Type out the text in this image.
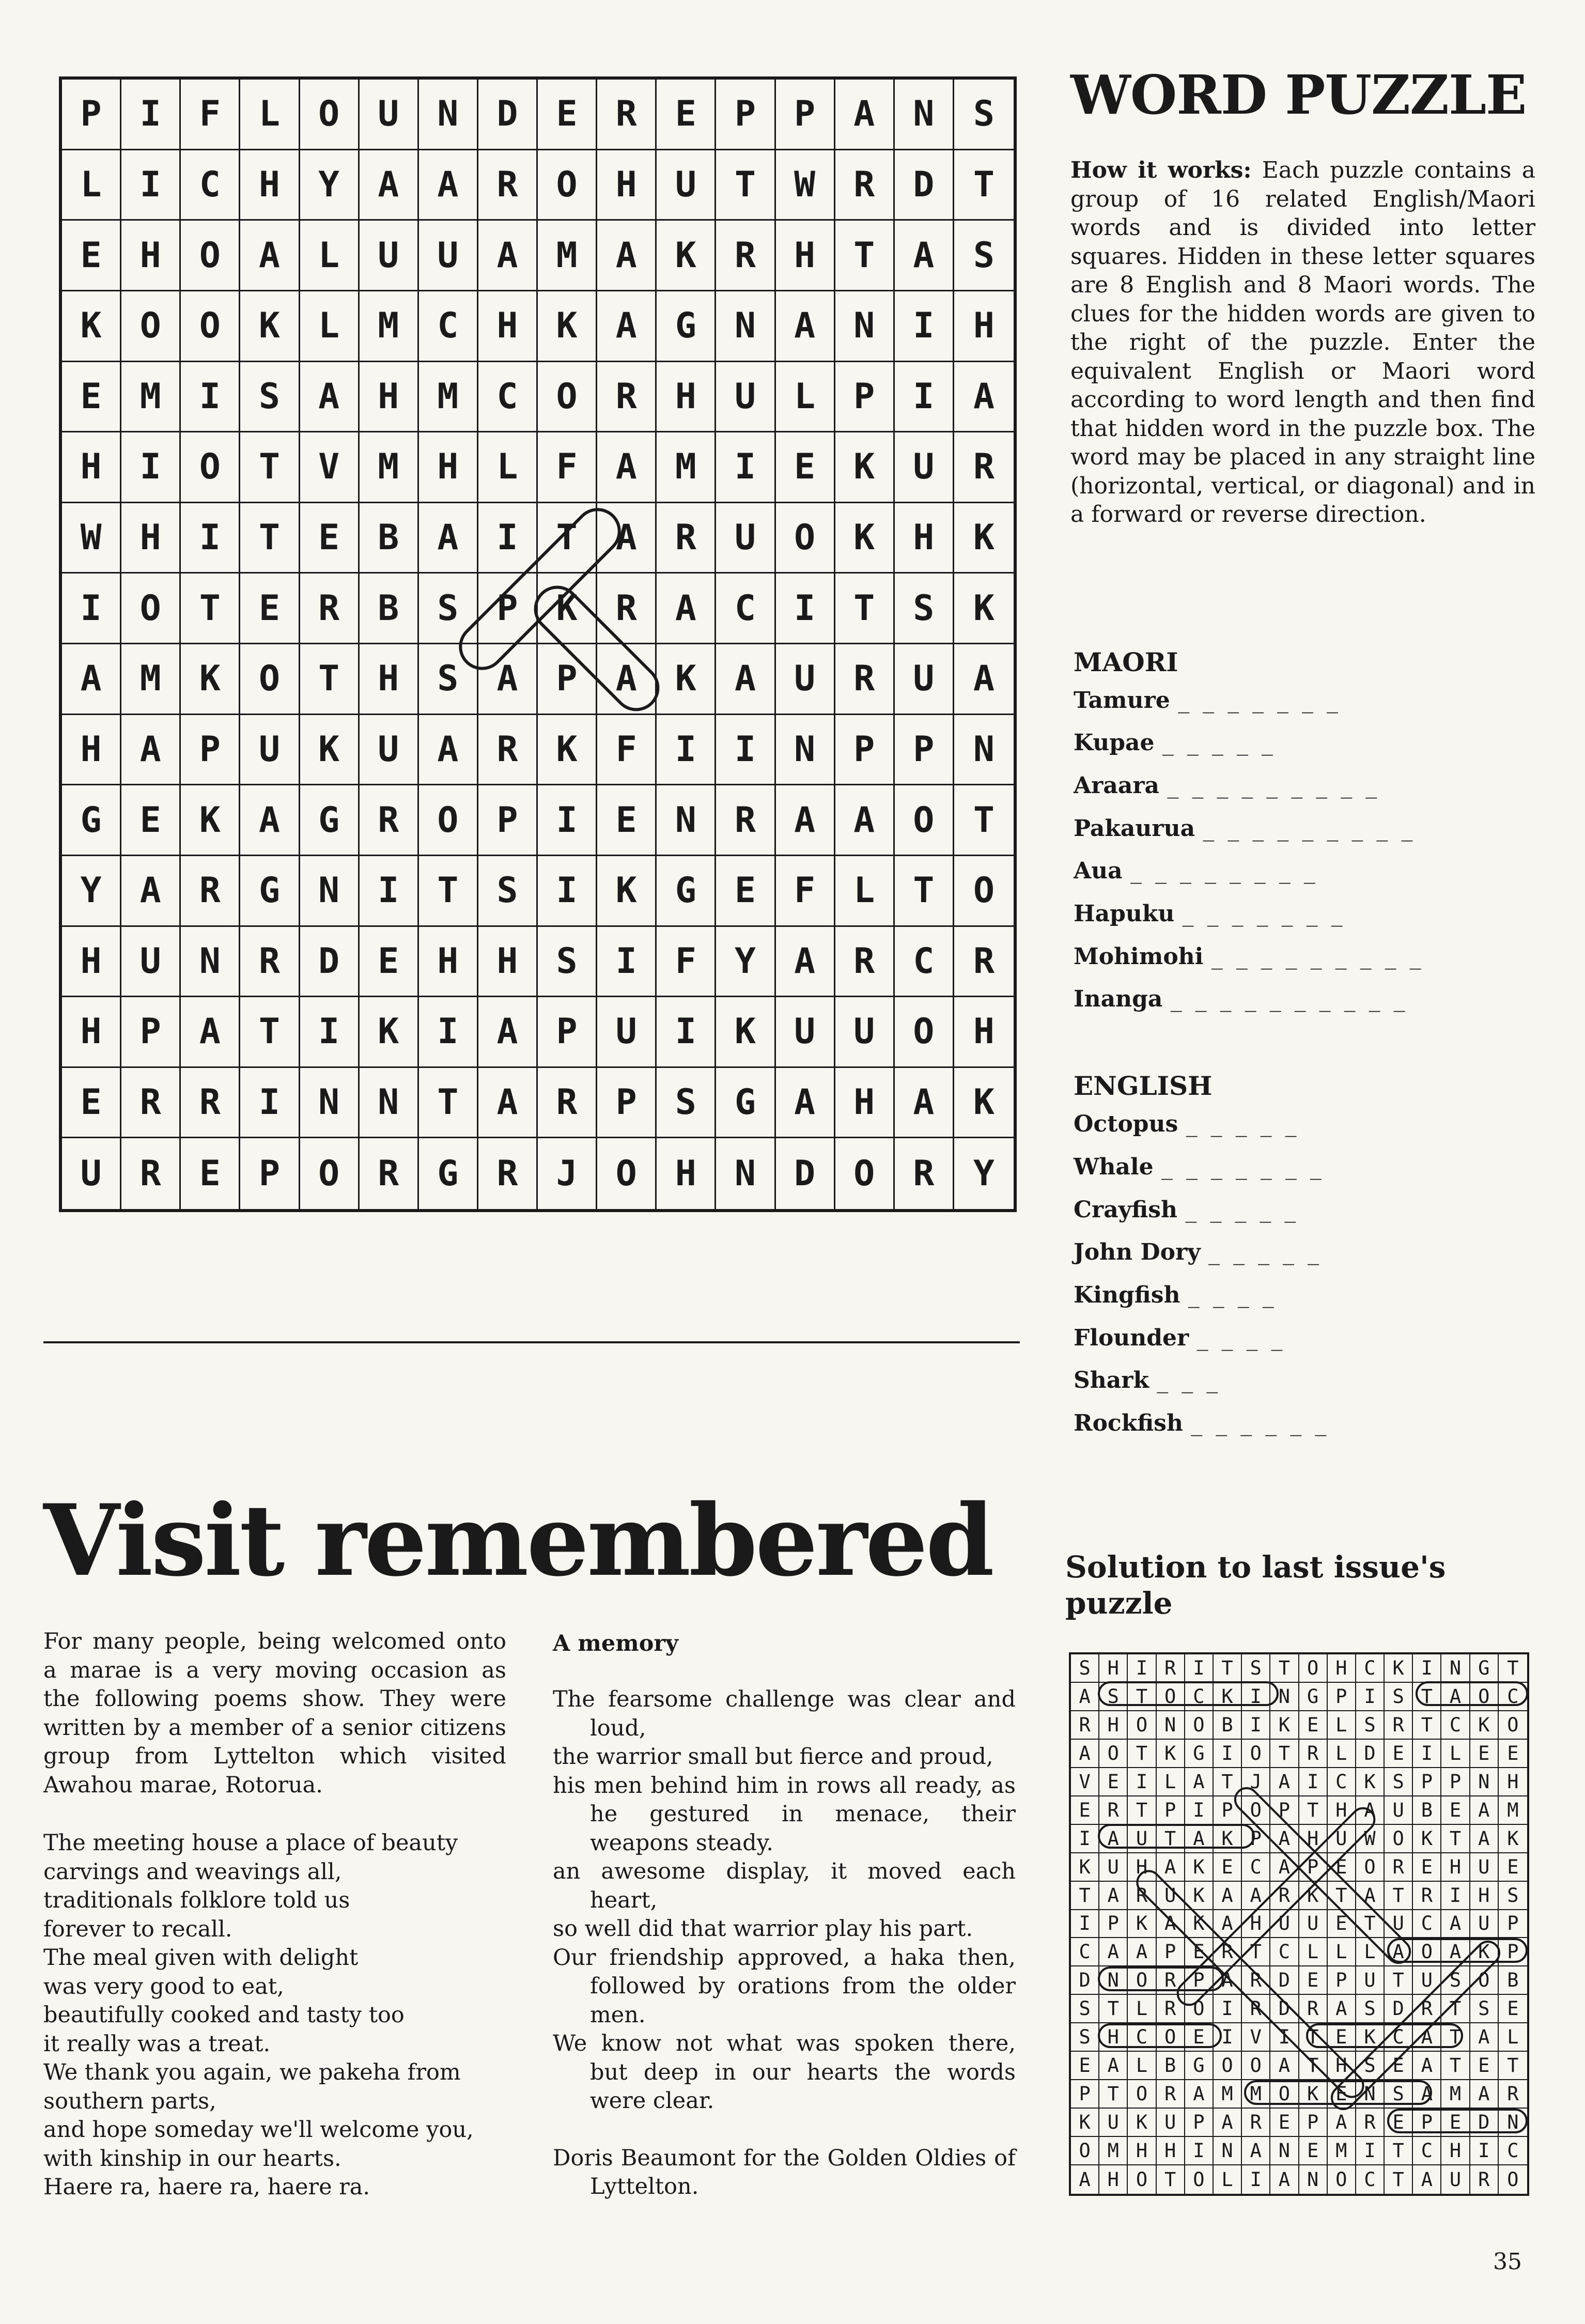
P	I	F	L	O	U	N	D	E	R	E	P	P	A	N	S
L	I	C	H	Y	A	A	R	O	H	U	T	W	R	D	T
E	H	O	A	L	U	U	A	M	A	K	R	H	T	A	S
K	O	O	K	L	M	C	H	K	A	G	N	A	N	I	H
E	M	I	S	A	H	M	C	O	R	H	U	L	P	I	A
H	I	O	T	V	M	H	L	F	A	M	I	E	K	U	R
W	H	I	T	E	B	A	I	T	A	R	U	O	K	H	K
I	O	T	E	R	B	S	P	K	R	A	C	I	T	S	K
A	M	K	O	T	H	S	A	P	A	K	A	U	R	U	A
H	A	P	U	K	U	A	R	K	F	I	I	N	P	P	N
G	E	K	A	G	R	O	P	I	E	N	R	A	A	O	T
Y	A	R	G	N	I	T	S	I	K	G	E	F	L	T	O
H	U	N	R	D	E	H	H	S	I	F	Y	A	R	C	R
H	P	A	T	I	K	I	A	P	U	I	K	U	U	O	H
E	R	R	I	N	N	T	A	R	P	S	G	A	H	A	K
U	R	E	P	O	R	G	R	J	O	H	N	D	O	R	Y
WORD PUZZLE
How it works: Each puzzle contains a group of 16 related English/Maori words and is divided into letter squares. Hidden in these letter squares are 8 English and 8 Maori words. The clues for the hidden words are given to the right of the puzzle. Enter the equivalent English or Maori word according to word length and then find that hidden word in the puzzle box. The word may be placed in any straight line (horizontal, vertical, or diagonal) and in a forward or reverse direction.
MAORI
Tamure _ _ _ _ _ _ _
Kupae _ _ _ _ _
Araara _ _ _ _ _ _ _ _ _
Pakaurua _ _ _ _ _ _ _ _ _
Aua _ _ _ _ _ _ _ _
Hapuku _ _ _ _ _ _ _
Mohimohi _ _ _ _ _ _ _ _ _
Inanga _ _ _ _ _ _ _ _ _ _
ENGLISH
Octopus _ _ _ _ _
Whale _ _ _ _ _ _ _
Crayfish _ _ _ _ _
John Dory _ _ _ _ _
Kingfish _ _ _ _
Flounder _ _ _ _
Shark _ _ _
Rockfish _ _ _ _ _ _
Solution to last issue's puzzle
S H I R I T S T O H C K I N G T
A S T O C K I N G P I S T A O C
R H O N O B I K E L S R T C K O
A O T K G I O T R L D E I L E E
V E I L A T J A I C K S P P N H
E R T P I P O P T H A U B E A M
I A U T A K P A H U W O K T A K
K U H A K E C A P E O R E H U E
T A R U K A A R K T A T R I H S
I P K A K A H U U E T U C A U P
C A A P E R T C L L L A O A K P
D N O R P A R D E P U T U S O B
S T L R O I R D R A S D R T S E
S H C O E I V I T E K C A T A L
E A L B G O O A T H S E A T E T
P T O R A M M O K E N S A M A R
K U K U P A R E P A R E P E D N
O M H H I N A N E M I T C H I C
A H O T O L I A N O C T A U R O
Visit remembered
For many people, being welcomed onto a marae is a very moving occasion as the following poems show. They were written by a member of a senior citizens group from Lyttelton which visited Awahou marae, Rotorua.

The meeting house a place of beauty

carvings and weavings all,

traditionals folklore told us

forever to recall.

The meal given with delight

was very good to eat,

beautifully cooked and tasty too

it really was a treat.

We thank you again, we pakeha from

southern parts,

and hope someday we'll welcome you,

with kinship in our hearts.

Haere ra, haere ra, haere ra.

A memory

The fearsome challenge was clear and loud,

the warrior small but fierce and proud,

his men behind him in rows all ready, as he gestured in menace, their weapons steady.

an awesome display, it moved each heart,

so well did that warrior play his part.

Our friendship approved, a haka then, followed by orations from the older men.

We know not what was spoken there, but deep in our hearts the words were clear.

Doris Beaumont for the Golden Oldies of Lyttelton.

35
